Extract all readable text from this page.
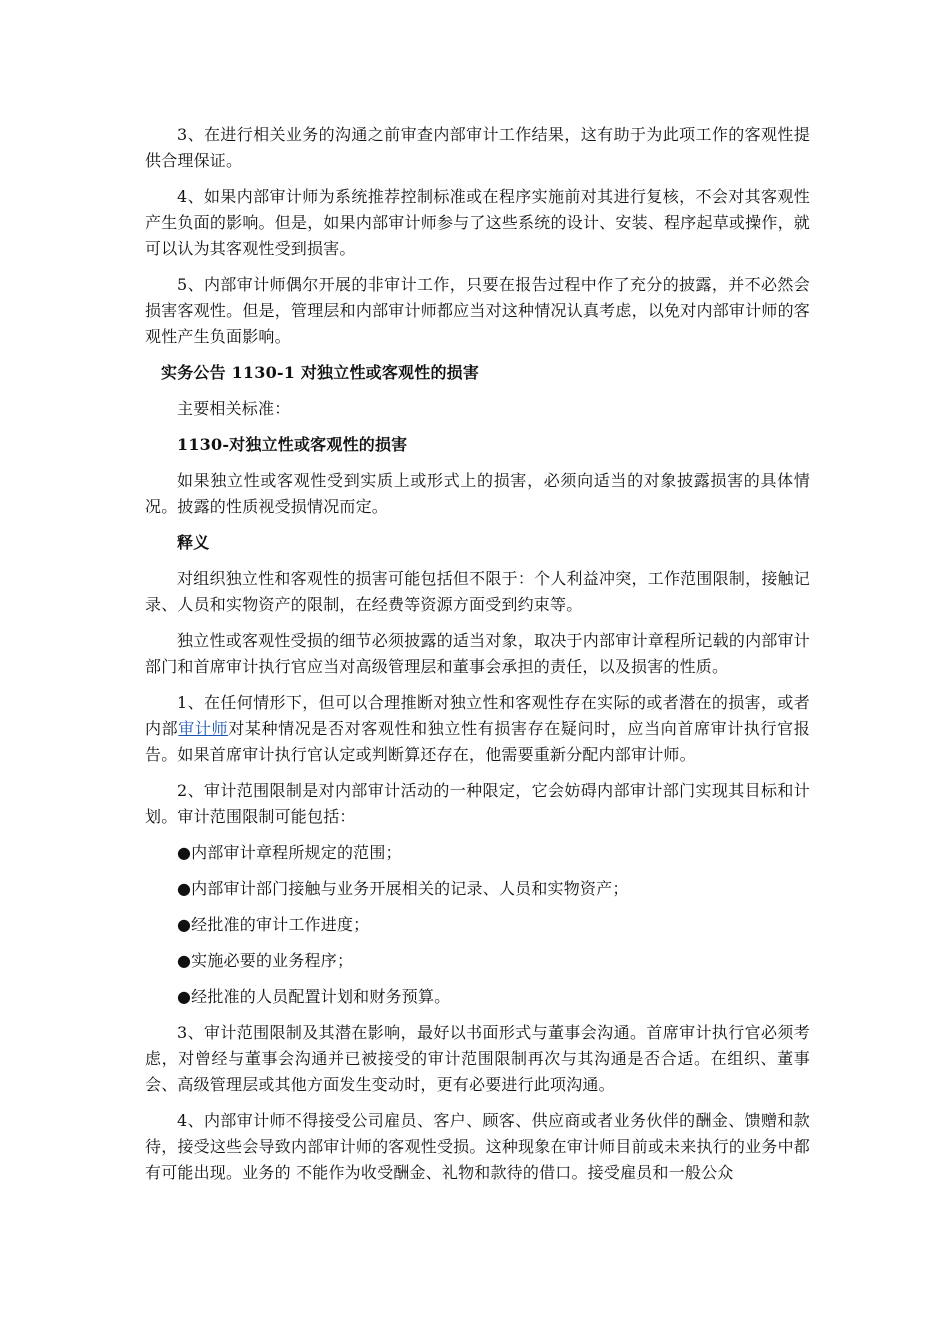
3、在进行相关业务的沟通之前审查内部审计工作结果，这有助于为此项工作的客观性提供合理保证。

4、如果内部审计师为系统推荐控制标准或在程序实施前对其进行复核，不会对其客观性产生负面的影响。但是，如果内部审计师参与了这些系统的设计、安装、程序起草或操作，就可以认为其客观性受到损害。

5、内部审计师偶尔开展的非审计工作，只要在报告过程中作了充分的披露，并不必然会损害客观性。但是，管理层和内部审计师都应当对这种情况认真考虑，以免对内部审计师的客观性产生负面影响。

实务公告 1130-1 对独立性或客观性的损害

主要相关标准：

1130-对独立性或客观性的损害

如果独立性或客观性受到实质上或形式上的损害，必须向适当的对象披露损害的具体情况。披露的性质视受损情况而定。

释义

对组织独立性和客观性的损害可能包括但不限于：个人利益冲突，工作范围限制，接触记录、人员和实物资产的限制，在经费等资源方面受到约束等。

独立性或客观性受损的细节必须披露的适当对象，取决于内部审计章程所记载的内部审计部门和首席审计执行官应当对高级管理层和董事会承担的责任，以及损害的性质。

1、在任何情形下，但可以合理推断对独立性和客观性存在实际的或者潜在的损害，或者内部审计师对某种情况是否对客观性和独立性有损害存在疑问时，应当向首席审计执行官报告。如果首席审计执行官认定或判断算还存在，他需要重新分配内部审计师。

2、审计范围限制是对内部审计活动的一种限定，它会妨碍内部审计部门实现其目标和计划。审计范围限制可能包括：

●内部审计章程所规定的范围；

●内部审计部门接触与业务开展相关的记录、人员和实物资产；

●经批准的审计工作进度；

●实施必要的业务程序；

●经批准的人员配置计划和财务预算。

3、审计范围限制及其潜在影响，最好以书面形式与董事会沟通。首席审计执行官必须考虑，对曾经与董事会沟通并已被接受的审计范围限制再次与其沟通是否合适。在组织、董事会、高级管理层或其他方面发生变动时，更有必要进行此项沟通。

4、内部审计师不得接受公司雇员、客户、顾客、供应商或者业务伙伴的酬金、馈赠和款待，接受这些会导致内部审计师的客观性受损。这种现象在审计师目前或未来执行的业务中都有可能出现。业务的 不能作为收受酬金、礼物和款待的借口。接受雇员和一般公众
